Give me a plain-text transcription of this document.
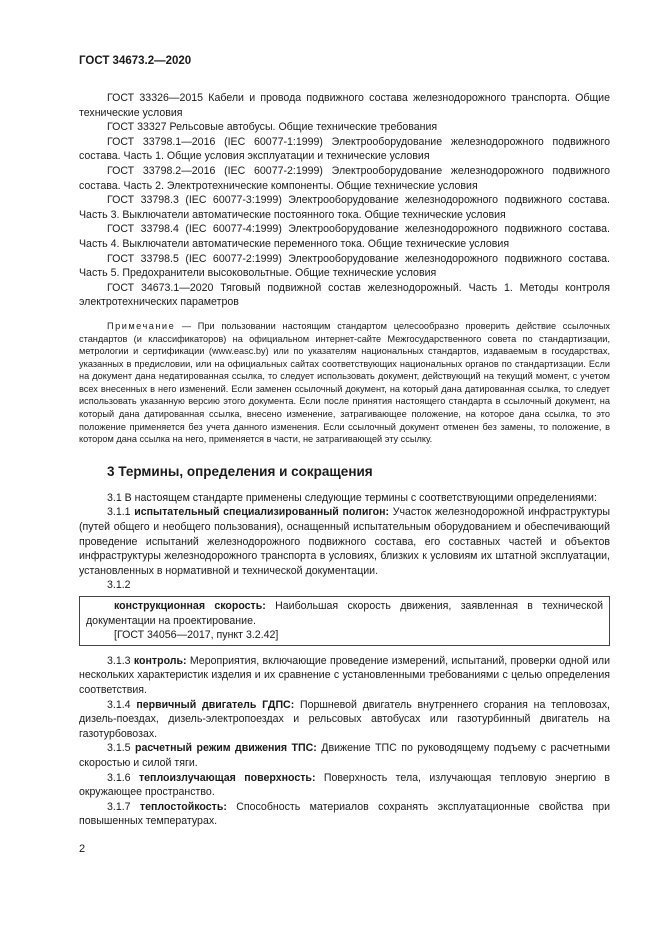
ГОСТ 34673.2—2020

ГОСТ 33326—2015 Кабели и провода подвижного состава железнодорожного транспорта. Общие технические условия

ГОСТ 33327 Рельсовые автобусы. Общие технические требования

ГОСТ 33798.1—2016 (IEC 60077-1:1999) Электрооборудование железнодорожного подвижного состава. Часть 1. Общие условия эксплуатации и технические условия

ГОСТ 33798.2—2016 (IEC 60077-2:1999) Электрооборудование железнодорожного подвижного состава. Часть 2. Электротехнические компоненты. Общие технические условия

ГОСТ 33798.3 (IEC 60077-3:1999) Электрооборудование железнодорожного подвижного состава. Часть 3. Выключатели автоматические постоянного тока. Общие технические условия

ГОСТ 33798.4 (IEC 60077-4:1999) Электрооборудование железнодорожного подвижного состава. Часть 4. Выключатели автоматические переменного тока. Общие технические условия

ГОСТ 33798.5 (IEC 60077-2:1999) Электрооборудование железнодорожного подвижного состава. Часть 5. Предохранители высоковольтные. Общие технические условия

ГОСТ 34673.1—2020 Тяговый подвижной состав железнодорожный. Часть 1. Методы контроля электротехнических параметров

Примечание — При пользовании настоящим стандартом целесообразно проверить действие ссылочных стандартов (и классификаторов) на официальном интернет-сайте Межгосударственного совета по стандартизации, метрологии и сертификации (www.easc.by) или по указателям национальных стандартов, издаваемым в государствах, указанных в предисловии, или на официальных сайтах соответствующих национальных органов по стандартизации. Если на документ дана недатированная ссылка, то следует использовать документ, действующий на текущий момент, с учетом всех внесенных в него изменений. Если заменен ссылочный документ, на который дана датированная ссылка, то следует использовать указанную версию этого документа. Если после принятия настоящего стандарта в ссылочный документ, на который дана датированная ссылка, внесено изменение, затрагивающее положение, на которое дана ссылка, то это положение применяется без учета данного изменения. Если ссылочный документ отменен без замены, то положение, в котором дана ссылка на него, применяется в части, не затрагивающей эту ссылку.

3 Термины, определения и сокращения

3.1 В настоящем стандарте применены следующие термины с соответствующими определениями:

3.1.1 испытательный специализированный полигон: Участок железнодорожной инфраструктуры (путей общего и необщего пользования), оснащенный испытательным оборудованием и обеспечивающий проведение испытаний железнодорожного подвижного состава, его составных частей и объектов инфраструктуры железнодорожного транспорта в условиях, близких к условиям их штатной эксплуатации, установленных в нормативной и технической документации.

3.1.2

конструкционная скорость: Наибольшая скорость движения, заявленная в технической документации на проектирование.

[ГОСТ 34056—2017, пункт 3.2.42]

3.1.3 контроль: Мероприятия, включающие проведение измерений, испытаний, проверки одной или нескольких характеристик изделия и их сравнение с установленными требованиями с целью определения соответствия.

3.1.4 первичный двигатель ГДПС: Поршневой двигатель внутреннего сгорания на тепловозах, дизель-поездах, дизель-электропоездах и рельсовых автобусах или газотурбинный двигатель на газотурбовозах.

3.1.5 расчетный режим движения ТПС: Движение ТПС по руководящему подъему с расчетными скоростью и силой тяги.

3.1.6 теплоизлучающая поверхность: Поверхность тела, излучающая тепловую энергию в окружающее пространство.

3.1.7 теплостойкость: Способность материалов сохранять эксплуатационные свойства при повышенных температурах.

2
